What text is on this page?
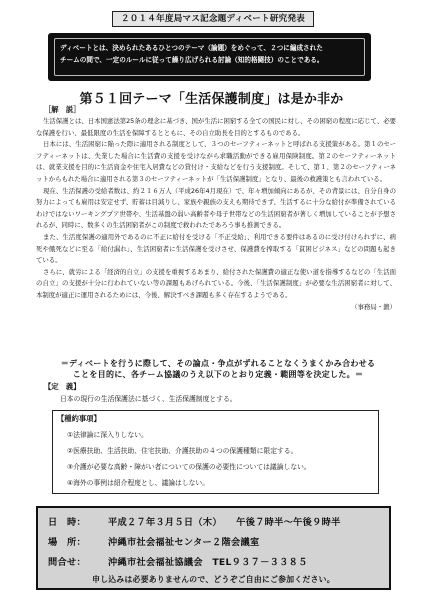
２０１４年度局マス記念題ディベート研究発表
ディベートとは、決められたあるひとつのテーマ（論題）をめぐって、２つに編成された
チームの間で、一定のルールに従って繰り広げられる討論（知的格闘技）のことである。
第５１回テーマ「生活保護制度」は是か非か
［解　説］

生活保護とは、日本国憲法第25条の理念に基づき、国が生活に困窮する全ての国民に対し、その困窮の程度に応じて、必要な保護を行い、最低限度の生活を保障するとともに、その自立助長を目的とするものである。

日本には、生活困窮に陥った際に適用される制度として、３つのセーフティーネットと呼ばれる支援策がある。第１のセーフティーネットは、失業した場合に生活費の支援を受けながら求職活動ができる雇用保険制度。第２のセーフティーネットは、就業支援を目的に生活資金や住宅入居費などの貸付け・支給などを行う支援制度。そして、第１、第２のセーフティーネットからもれた場合に適用される第３のセーフティーネットが「生活保護制度」となり、最後の救護策とも言われている。

現在、生活保護の受給者数は、約２１６万人（平成26年4月現在）で、年々増加傾向にあるが、その背景には、自分自身の努力によっても雇用は安定せず、貯蓄は目減りし、家族や親族の支えも期待できず、生活するに十分な給付が準備されているわけではないワーキングプア世帯や、生活基盤の弱い高齢者や母子世帯などの生活困窮者が著しく増加していることが予想されるが、同時に、数多くの生活困窮者がこの制度で救われたであろう事も推測できる。

また、生活度保護の適用外であるのに不正に給付を受ける「不正受給」、利用できる要件はあるのに受け付けられずに、病死や餓死などに至る「給付漏れ」、生活困窮者に生活保護を受けさせ、保護費を搾取する「貧困ビジネス」などの問題も起きている。

さらに、就労による「経済的自立」の支援を重視するあまり、給付された保護費の適正な使い道を指導するなどの「生活面の自立」の支援が十分に行われていない等の課題もあげられている。今後、「生活保護制度」が必要な生活困窮者に対して、本制度が適正に運用されるためには、今後、解決すべき課題も多く存在するようである。

（事務局・鍛）
＝ディベートを行うに際して、その論点・争点がずれることなくうまくかみ合わせる
ことを目的に、各チーム協議のうえ以下のとおり定義・範囲等を決定した。＝
【定　義】
日本の現行の生活保護法に基づく、生活保護制度とする。
【種約事項】
①法律論に深入りしない。
②医療扶助、生活扶助、住宅扶助、介護扶助の４つの保護種類に限定する。
③介護が必要な高齢・障がい者についての保護の必要性については議論しない。
④海外の事例は紹介程度とし、議論はしない。
日　時： 平成２７年３月５日（木）　　午後７時半～午後９時半
場　所： 沖縄市社会福祉センター２階会議室
問合せ： 沖縄市社会福祉協議会　TEL９３７－３３８５
申し込みは必要ありませんので、どうぞご自由にご参加ください。
